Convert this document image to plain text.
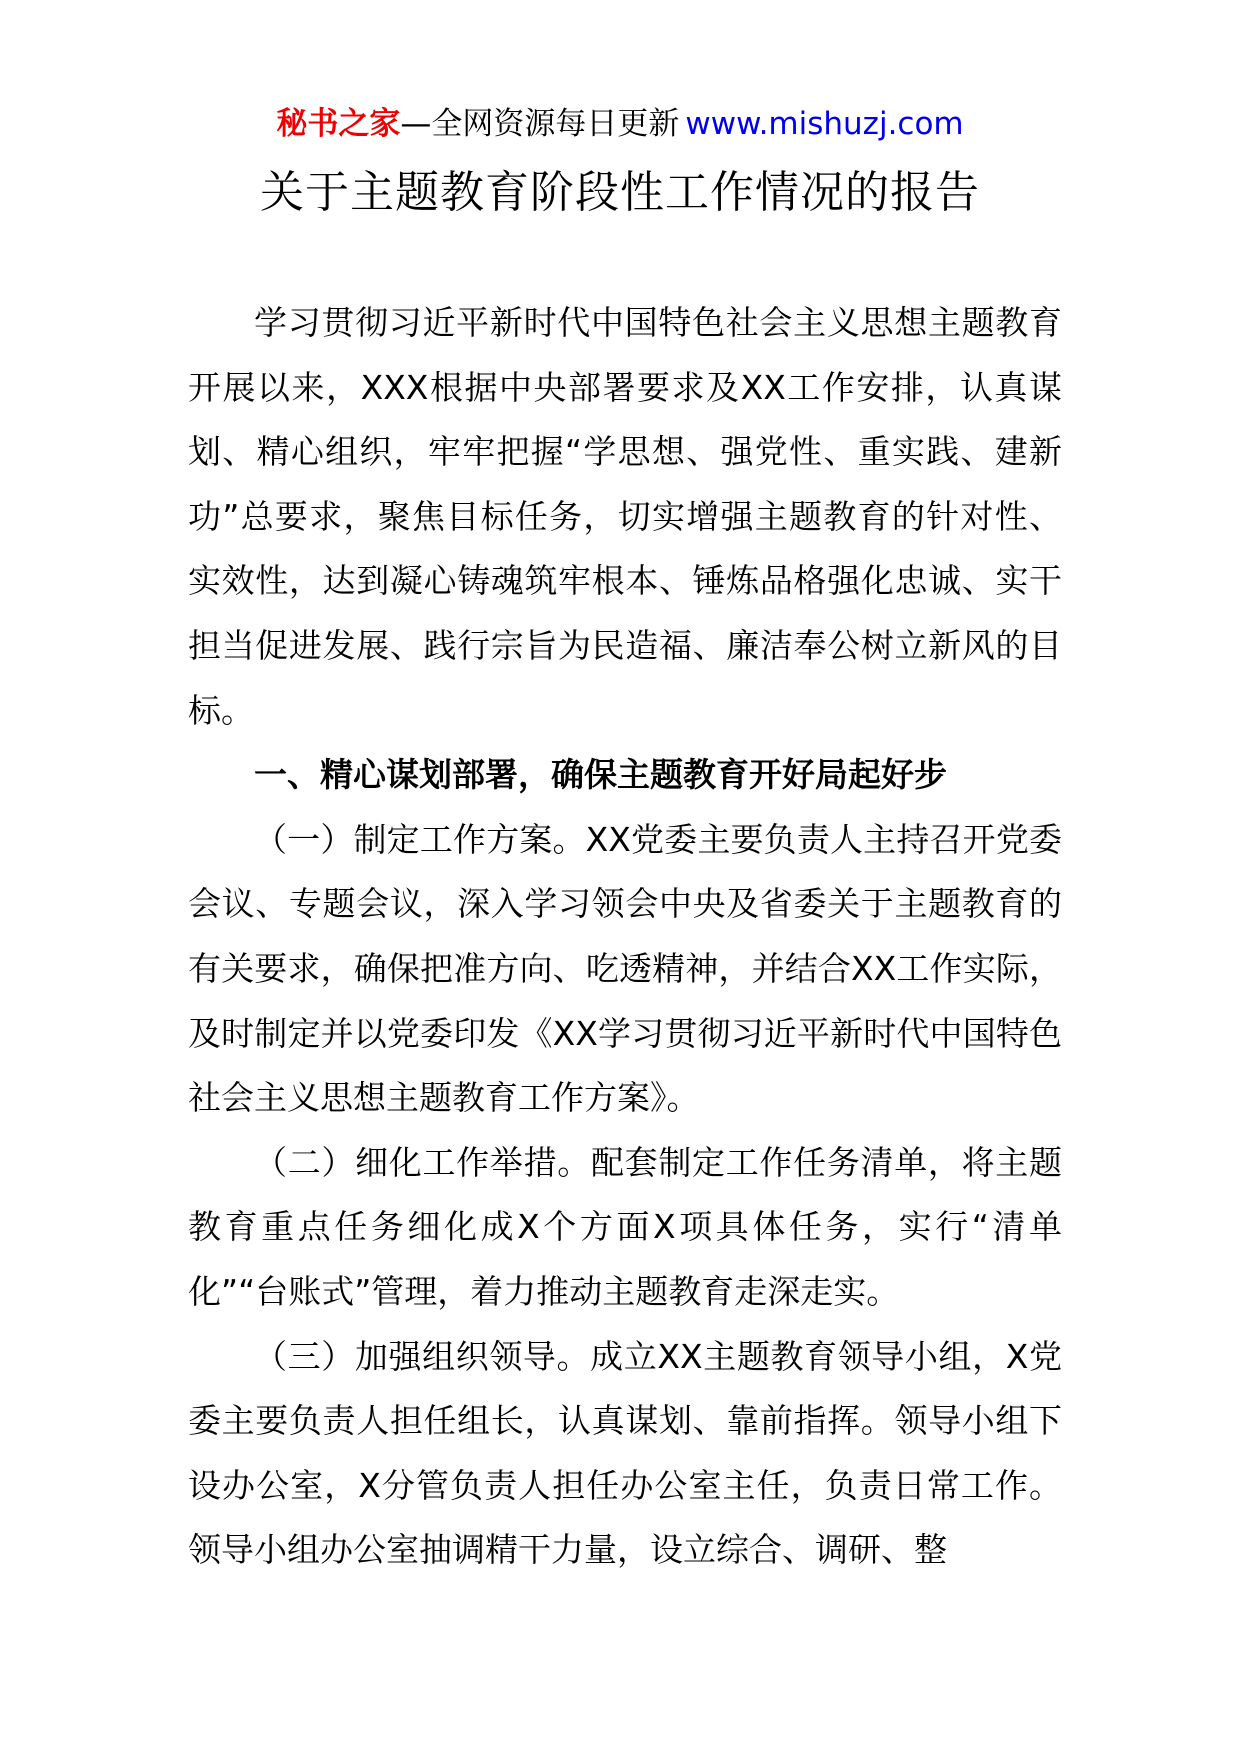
秘书之家—全网资源每日更新 www.mishuzj.com
关于主题教育阶段性工作情况的报告

学习贯彻习近平新时代中国特色社会主义思想主题教育开展以来，XXX根据中央部署要求及XX工作安排，认真谋划、精心组织，牢牢把握“学思想、强党性、重实践、建新功”总要求，聚焦目标任务，切实增强主题教育的针对性、实效性，达到凝心铸魂筑牢根本、锤炼品格强化忠诚、实干担当促进发展、践行宗旨为民造福、廉洁奉公树立新风的目标。

一、精心谋划部署，确保主题教育开好局起好步

（一）制定工作方案。XX党委主要负责人主持召开党委会议、专题会议，深入学习领会中央及省委关于主题教育的有关要求，确保把准方向、吃透精神，并结合XX工作实际，及时制定并以党委印发《XX学习贯彻习近平新时代中国特色社会主义思想主题教育工作方案》。

（二）细化工作举措。配套制定工作任务清单，将主题教育重点任务细化成X个方面X项具体任务，实行“清单化”“台账式”管理，着力推动主题教育走深走实。

（三）加强组织领导。成立XX主题教育领导小组，X党委主要负责人担任组长，认真谋划、靠前指挥。领导小组下设办公室，X分管负责人担任办公室主任，负责日常工作。领导小组办公室抽调精干力量，设立综合、调研、整
